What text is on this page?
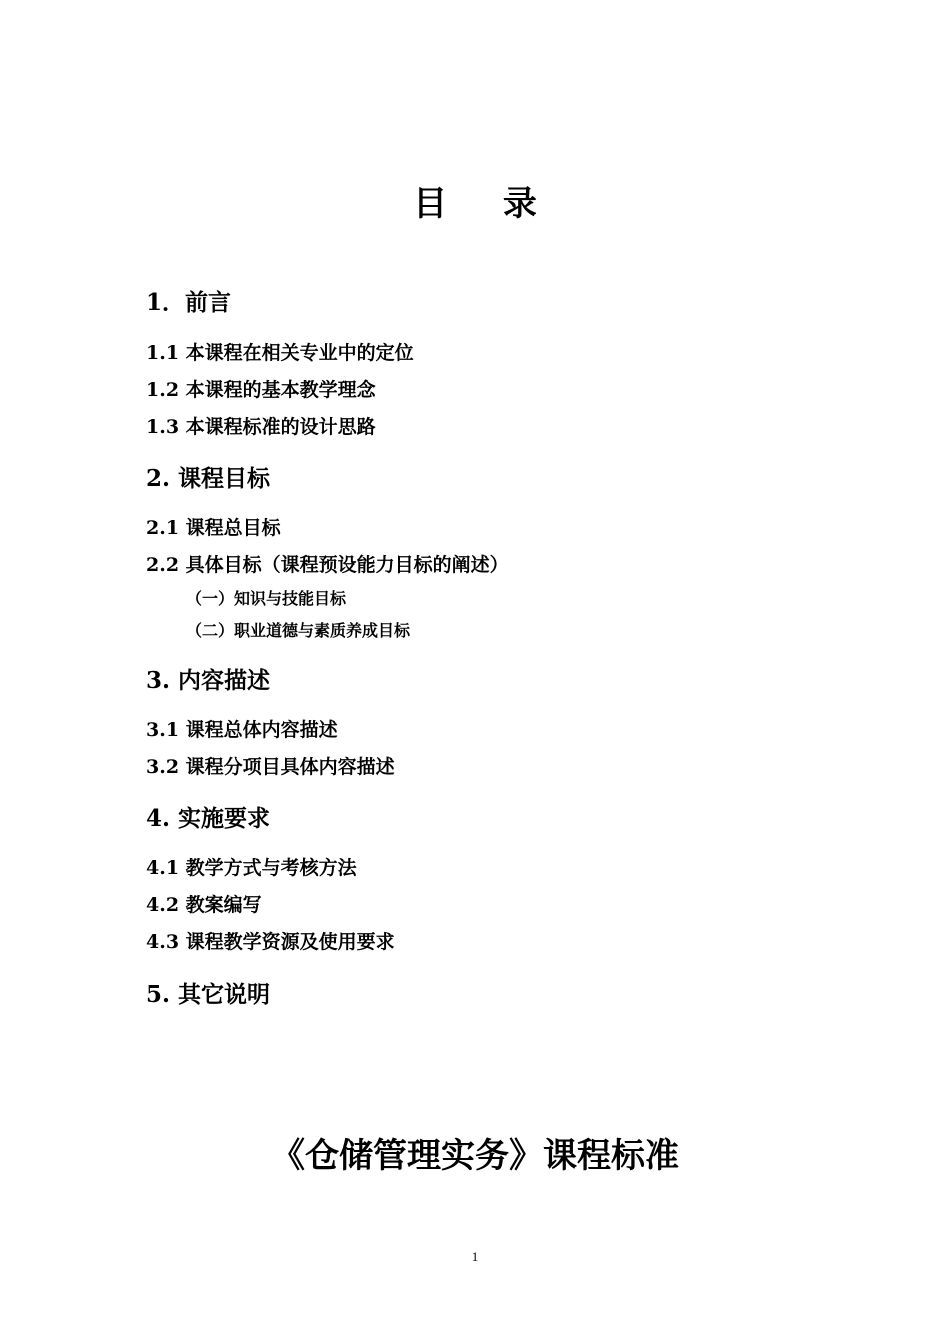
目 录
1．前言
1.1 本课程在相关专业中的定位
1.2 本课程的基本教学理念
1.3 本课程标准的设计思路
2. 课程目标
2.1 课程总目标
2.2 具体目标（课程预设能力目标的阐述）
（一）知识与技能目标
（二）职业道德与素质养成目标
3. 内容描述
3.1 课程总体内容描述
3.2 课程分项目具体内容描述
4. 实施要求
4.1 教学方式与考核方法
4.2 教案编写
4.3 课程教学资源及使用要求
5. 其它说明
《仓储管理实务》课程标准
1
